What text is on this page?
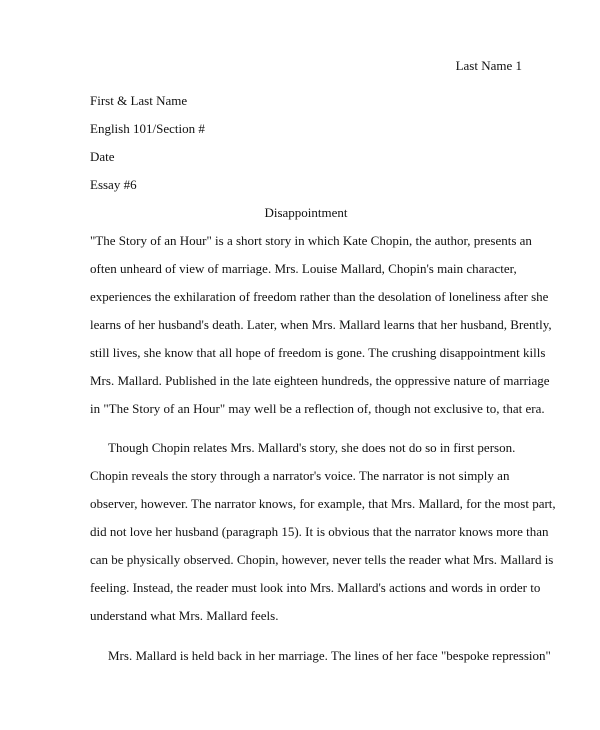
Last Name 1
First & Last Name
English 101/Section #
Date
Essay #6
Disappointment
"The Story of an Hour" is a short story in which Kate Chopin, the author, presents an
often unheard of view of marriage. Mrs. Louise Mallard, Chopin's main character,
experiences the exhilaration of freedom rather than the desolation of loneliness after she
learns of her husband's death. Later, when Mrs. Mallard learns that her husband, Brently,
still lives, she know that all hope of freedom is gone. The crushing disappointment kills
Mrs. Mallard. Published in the late eighteen hundreds, the oppressive nature of marriage
in "The Story of an Hour" may well be a reflection of, though not exclusive to, that era.
Though Chopin relates Mrs. Mallard's story, she does not do so in first person.
Chopin reveals the story through a narrator's voice. The narrator is not simply an
observer, however. The narrator knows, for example, that Mrs. Mallard, for the most part,
did not love her husband (paragraph 15). It is obvious that the narrator knows more than
can be physically observed. Chopin, however, never tells the reader what Mrs. Mallard is
feeling. Instead, the reader must look into Mrs. Mallard's actions and words in order to
understand what Mrs. Mallard feels.
Mrs. Mallard is held back in her marriage. The lines of her face "bespoke repression"
